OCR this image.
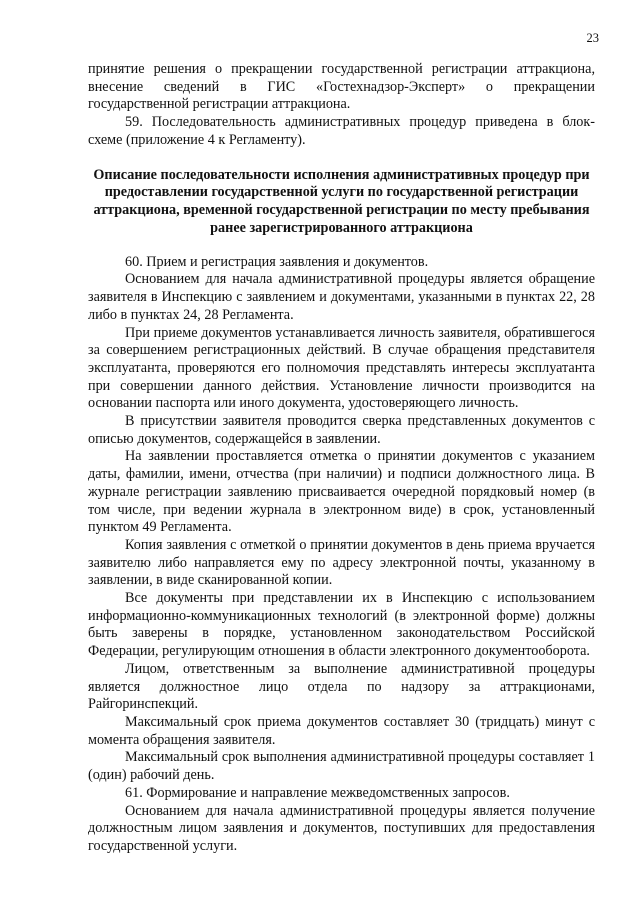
23

принятие решения о прекращении государственной регистрации аттракциона, внесение сведений в ГИС «Гостехнадзор-Эксперт» о прекращении государственной регистрации аттракциона.

59. Последовательность административных процедур приведена в блок-схеме (приложение 4 к Регламенту).

Описание последовательности исполнения административных процедур при предоставлении государственной услуги по государственной регистрации аттракциона, временной государственной регистрации по месту пребывания ранее зарегистрированного аттракциона

60. Прием и регистрация заявления и документов.

Основанием для начала административной процедуры является обращение заявителя в Инспекцию с заявлением и документами, указанными в пунктах 22, 28 либо в пунктах 24, 28 Регламента.

При приеме документов устанавливается личность заявителя, обратившегося за совершением регистрационных действий. В случае обращения представителя эксплуатанта, проверяются его полномочия представлять интересы эксплуатанта при совершении данного действия. Установление личности производится на основании паспорта или иного документа, удостоверяющего личность.

В присутствии заявителя проводится сверка представленных документов с описью документов, содержащейся в заявлении.

На заявлении проставляется отметка о принятии документов с указанием даты, фамилии, имени, отчества (при наличии) и подписи должностного лица. В журнале регистрации заявлению присваивается очередной порядковый номер (в том числе, при ведении журнала в электронном виде) в срок, установленный пунктом 49 Регламента.

Копия заявления с отметкой о принятии документов в день приема вручается заявителю либо направляется ему по адресу электронной почты, указанному в заявлении, в виде сканированной копии.

Все документы при представлении их в Инспекцию с использованием информационно-коммуникационных технологий (в электронной форме) должны быть заверены в порядке, установленном законодательством Российской Федерации, регулирующим отношения в области электронного документооборота.

Лицом, ответственным за выполнение административной процедуры является должностное лицо отдела по надзору за аттракционами, Райгоринспекций.

Максимальный срок приема документов составляет 30 (тридцать) минут с момента обращения заявителя.

Максимальный срок выполнения административной процедуры составляет 1 (один) рабочий день.

61. Формирование и направление межведомственных запросов.

Основанием для начала административной процедуры является получение должностным лицом заявления и документов, поступивших для предоставления государственной услуги.
